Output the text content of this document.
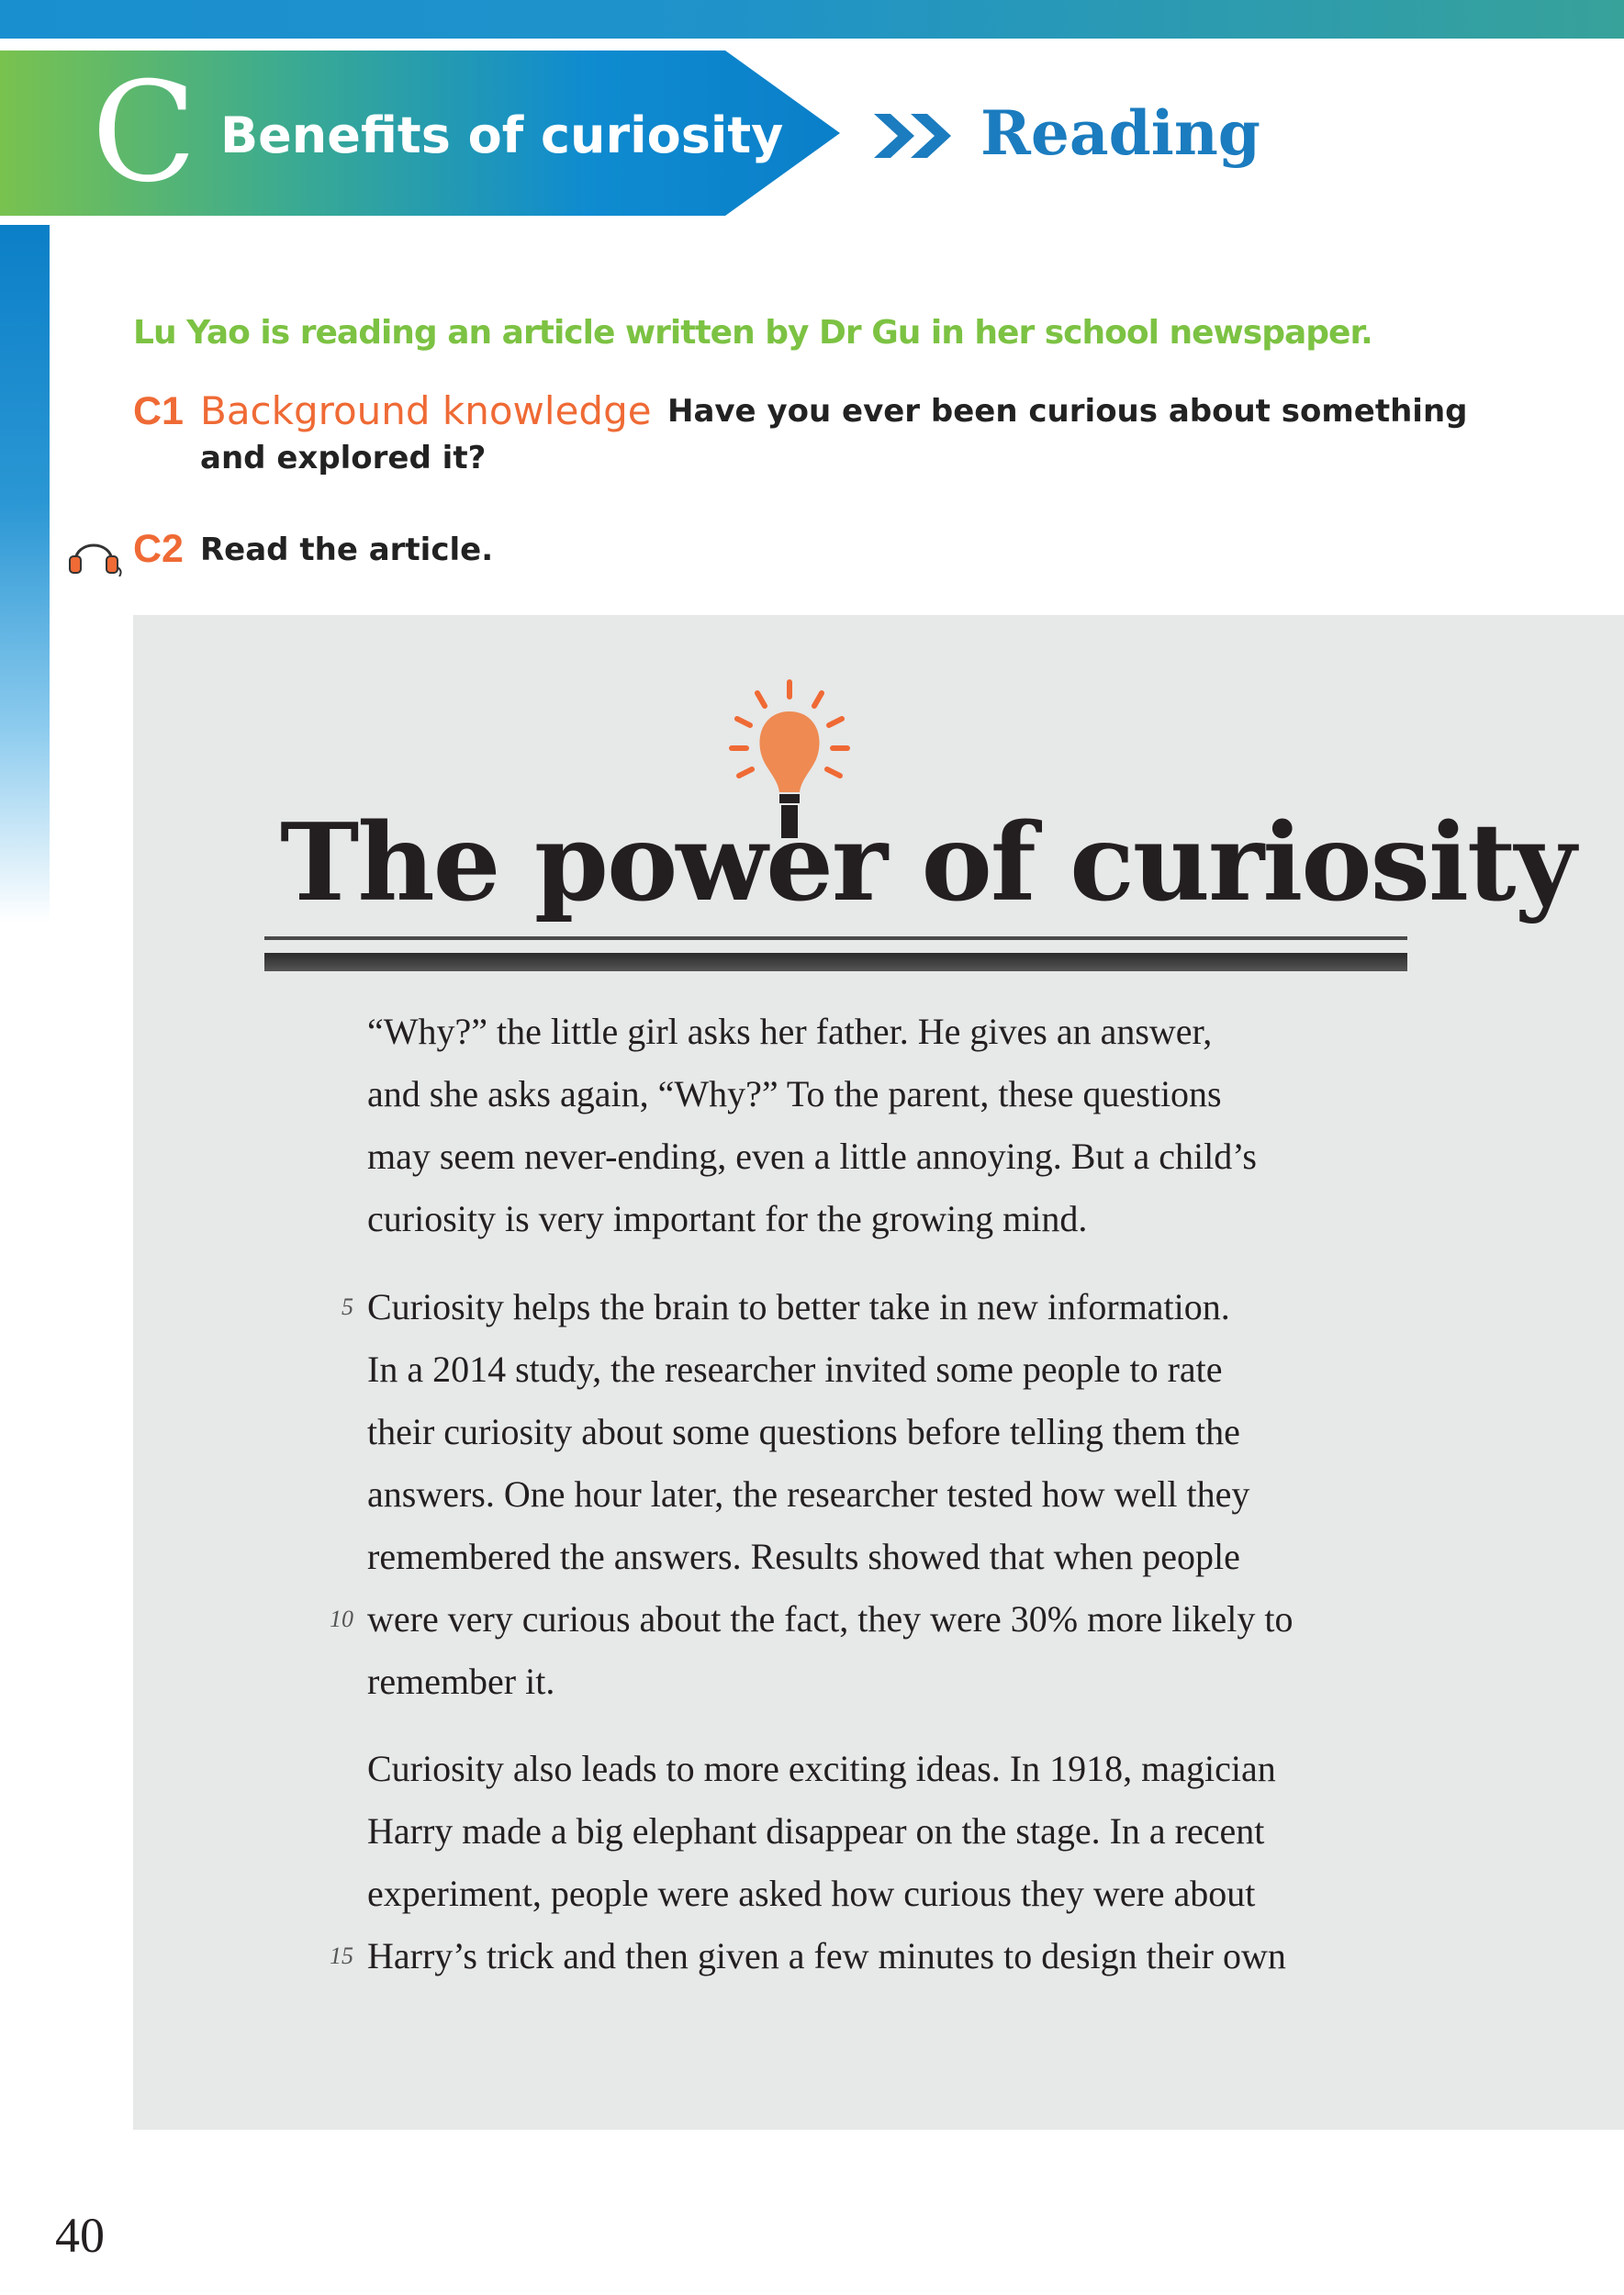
C Benefits of curiosity	Reading
Lu Yao is reading an article written by Dr Gu in her school newspaper.
C1 Background knowledge Have you ever been curious about something
and explored it?
C2 Read the article.
The power of curiosity
“Why?” the little girl asks her father. He gives an answer,
and she asks again, “Why?” To the parent, these questions
may seem never-ending, even a little annoying. But a child’s
curiosity is very important for the growing mind.
Curiosity helps the brain to better take in new information.
In a 2014 study, the researcher invited some people to rate
their curiosity about some questions before telling them the
answers. One hour later, the researcher tested how well they
remembered the answers. Results showed that when people
were very curious about the fact, they were 30% more likely to
remember it.
Curiosity also leads to more exciting ideas. In 1918, magician
Harry made a big elephant disappear on the stage. In a recent
experiment, people were asked how curious they were about
Harry’s trick and then given a few minutes to design their own
5
10
15
40
